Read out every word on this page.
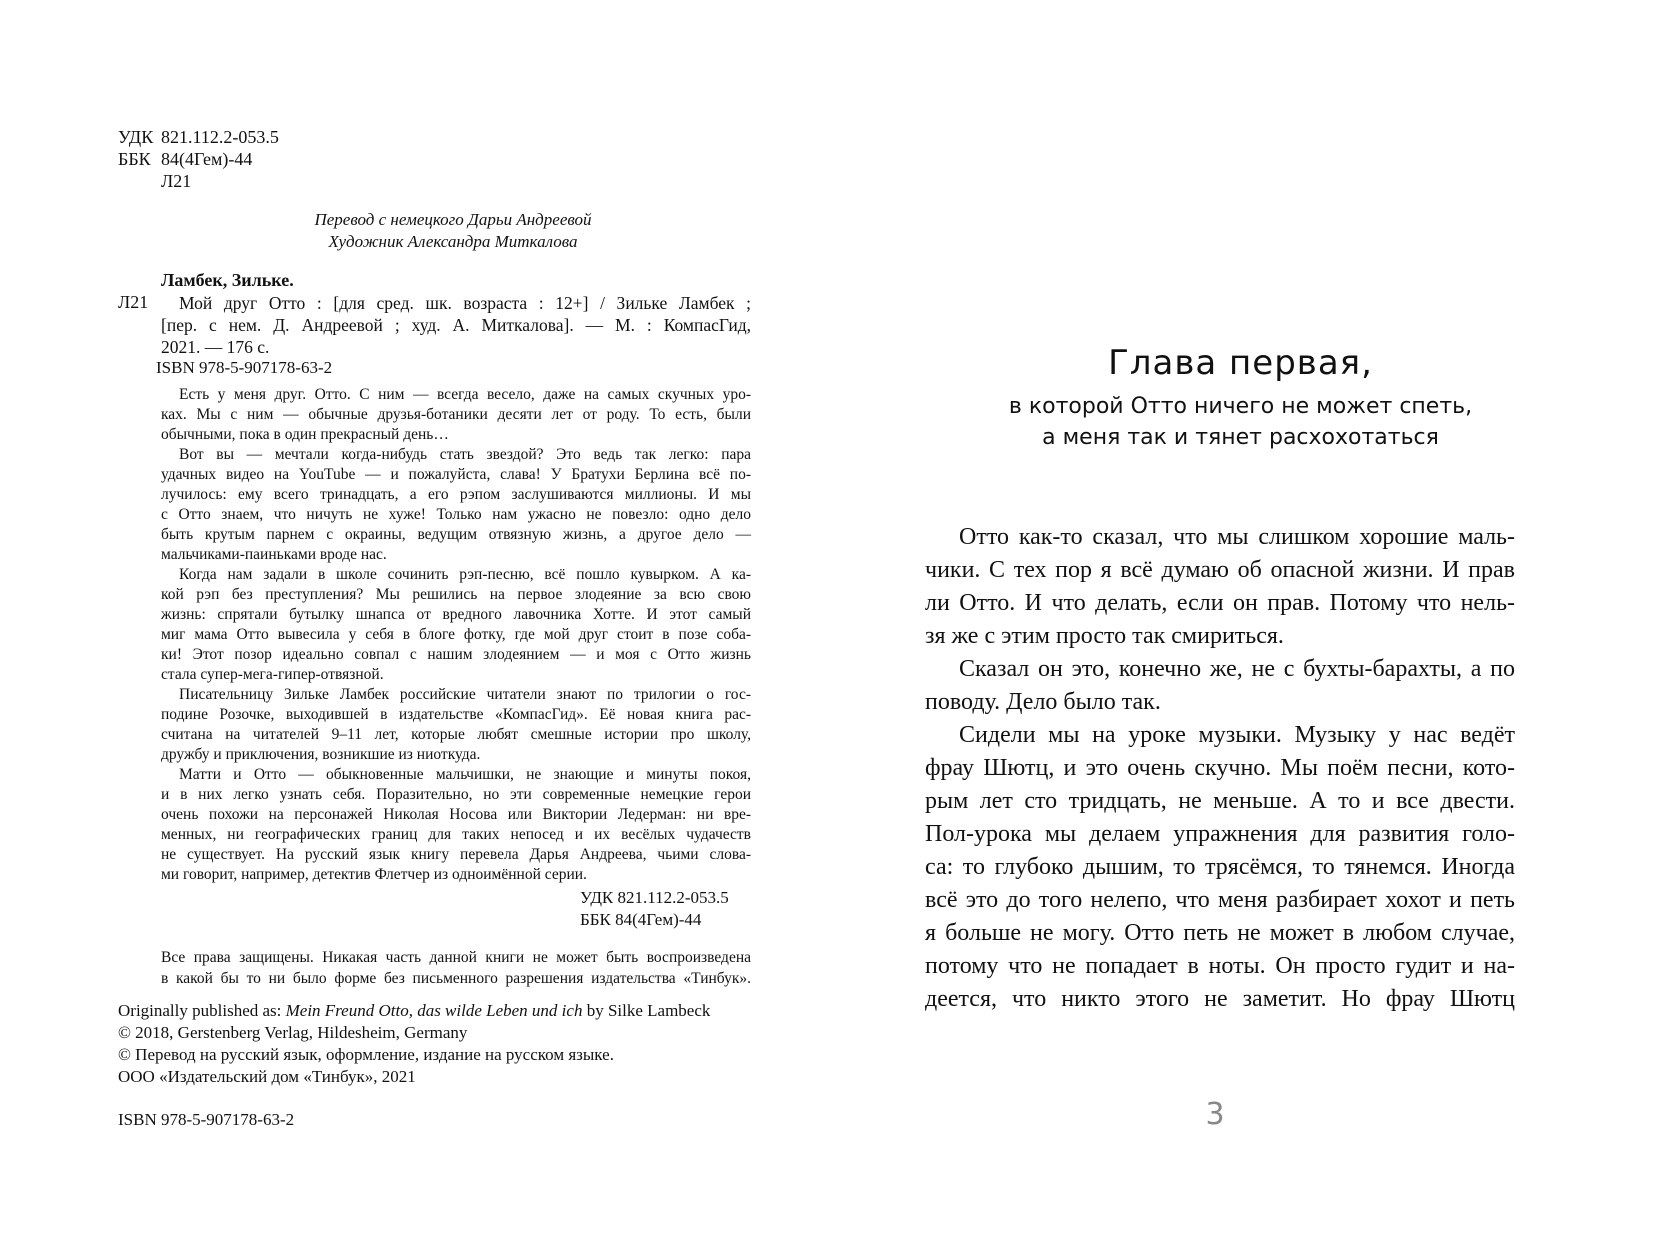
УДК 821.112.2-053.5
ББК 84(4Гем)-44
Л21
Перевод с немецкого Дарьи Андреевой
Художник Александра Миткалова
Ламбек, Зильке.
Л21	Мой друг Отто : [для сред. шк. возраста : 12+] / Зильке Ламбек ;
[пер. с нем. Д. Андреевой ; худ. А. Миткалова]. — М. : КомпасГид,
2021. — 176 с.
ISBN 978-5-907178-63-2
Есть у меня друг. Отто. С ним — всегда весело, даже на самых скучных уро-
ках. Мы с ним — обычные друзья-ботаники десяти лет от роду. То есть, были
обычными, пока в один прекрасный день…
Вот вы — мечтали когда-нибудь стать звездой? Это ведь так легко: пара
удачных видео на YouTube — и пожалуйста, слава! У Братухи Берлина всё по-
лучилось: ему всего тринадцать, а его рэпом заслушиваются миллионы. И мы
с Отто знаем, что ничуть не хуже! Только нам ужасно не повезло: одно дело
быть крутым парнем с окраины, ведущим отвязную жизнь, а другое дело —
мальчиками-паиньками вроде нас.
Когда нам задали в школе сочинить рэп-песню, всё пошло кувырком. А ка-
кой рэп без преступления? Мы решились на первое злодеяние за всю свою
жизнь: спрятали бутылку шнапса от вредного лавочника Хотте. И этот самый
миг мама Отто вывесила у себя в блоге фотку, где мой друг стоит в позе соба-
ки! Этот позор идеально совпал с нашим злодеянием — и моя с Отто жизнь
стала супер-мега-гипер-отвязной.
Писательницу Зильке Ламбек российские читатели знают по трилогии о гос-
подине Розочке, выходившей в издательстве «КомпасГид». Её новая книга рас-
считана на читателей 9–11 лет, которые любят смешные истории про школу,
дружбу и приключения, возникшие из ниоткуда.
Матти и Отто — обыкновенные мальчишки, не знающие и минуты покоя,
и в них легко узнать себя. Поразительно, но эти современные немецкие герои
очень похожи на персонажей Николая Носова или Виктории Ледерман: ни вре-
менных, ни географических границ для таких непосед и их весёлых чудачеств
не существует. На русский язык книгу перевела Дарья Андреева, чьими слова-
ми говорит, например, детектив Флетчер из одноимённой серии.
УДК 821.112.2-053.5
ББК 84(4Гем)-44
Все права защищены. Никакая часть данной книги не может быть воспроизведена
в какой бы то ни было форме без письменного разрешения издательства «Тинбук».
Originally published as: Mein Freund Otto, das wilde Leben und ich by Silke Lambeck
© 2018, Gerstenberg Verlag, Hildesheim, Germany
© Перевод на русский язык, оформление, издание на русском языке.
ООО «Издательский дом «Тинбук», 2021
ISBN 978-5-907178-63-2
Глава первая,
в которой Отто ничего не может спеть,
а меня так и тянет расхохотаться
Отто как-то сказал, что мы слишком хорошие маль-
чики. С тех пор я всё думаю об опасной жизни. И прав
ли Отто. И что делать, если он прав. Потому что нель-
зя же с этим просто так смириться.
Сказал он это, конечно же, не с бухты-барахты, а по
поводу. Дело было так.
Сидели мы на уроке музыки. Музыку у нас ведёт
фрау Шютц, и это очень скучно. Мы поём песни, кото-
рым лет сто тридцать, не меньше. А то и все двести.
Пол-урока мы делаем упражнения для развития голо-
са: то глубоко дышим, то трясёмся, то тянемся. Иногда
всё это до того нелепо, что меня разбирает хохот и петь
я больше не могу. Отто петь не может в любом случае,
потому что не попадает в ноты. Он просто гудит и на-
деется, что никто этого не заметит. Но фрау Шютц
3
